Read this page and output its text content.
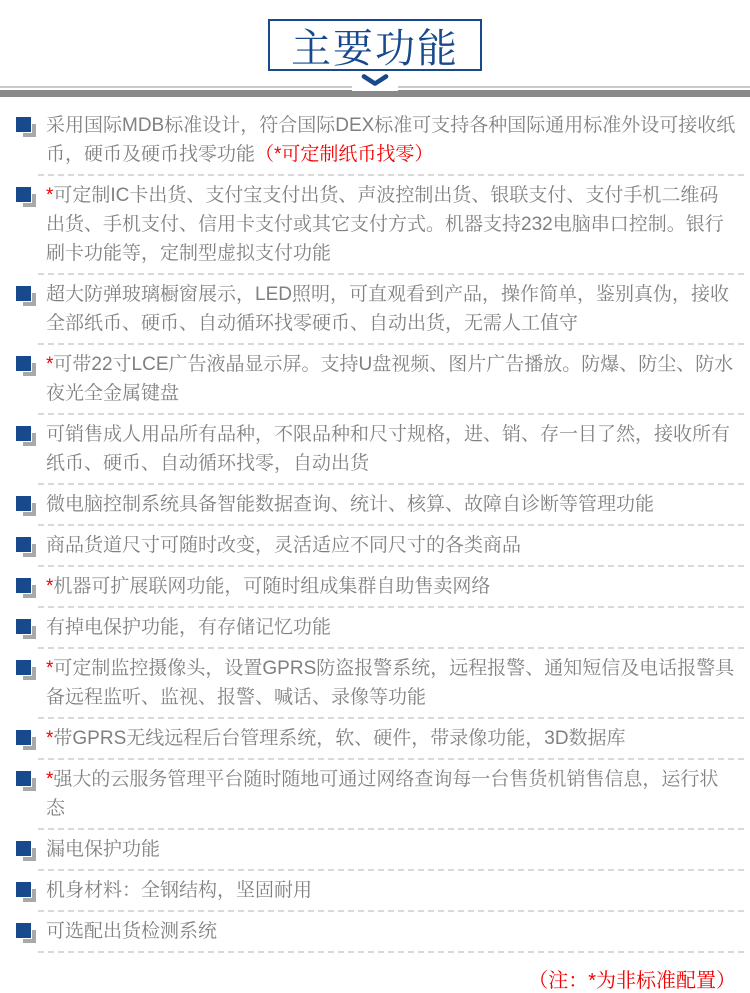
主要功能
采用国际MDB标准设计，符合国际DEX标准可支持各种国际通用标准外设可接收纸币，硬币及硬币找零功能（*可定制纸币找零）
*可定制IC卡出货、支付宝支付出货、声波控制出货、银联支付、支付手机二维码出货、手机支付、信用卡支付或其它支付方式。机器支持232电脑串口控制。银行刷卡功能等，定制型虚拟支付功能
超大防弹玻璃橱窗展示，LED照明，可直观看到产品，操作简单，鉴别真伪，接收全部纸币、硬币、自动循环找零硬币、自动出货，无需人工值守
*可带22寸LCE广告液晶显示屏。支持U盘视频、图片广告播放。防爆、防尘、防水夜光全金属键盘
可销售成人用品所有品种，不限品种和尺寸规格，进、销、存一目了然，接收所有纸币、硬币、自动循环找零，自动出货
微电脑控制系统具备智能数据查询、统计、核算、故障自诊断等管理功能
商品货道尺寸可随时改变，灵活适应不同尺寸的各类商品
*机器可扩展联网功能，可随时组成集群自助售卖网络
有掉电保护功能，有存储记忆功能
*可定制监控摄像头，设置GPRS防盗报警系统，远程报警、通知短信及电话报警具备远程监听、监视、报警、喊话、录像等功能
*带GPRS无线远程后台管理系统，软、硬件，带录像功能，3D数据库
*强大的云服务管理平台随时随地可通过网络查询每一台售货机销售信息，运行状态
漏电保护功能
机身材料：全钢结构，坚固耐用
可选配出货检测系统
（注：*为非标准配置）
